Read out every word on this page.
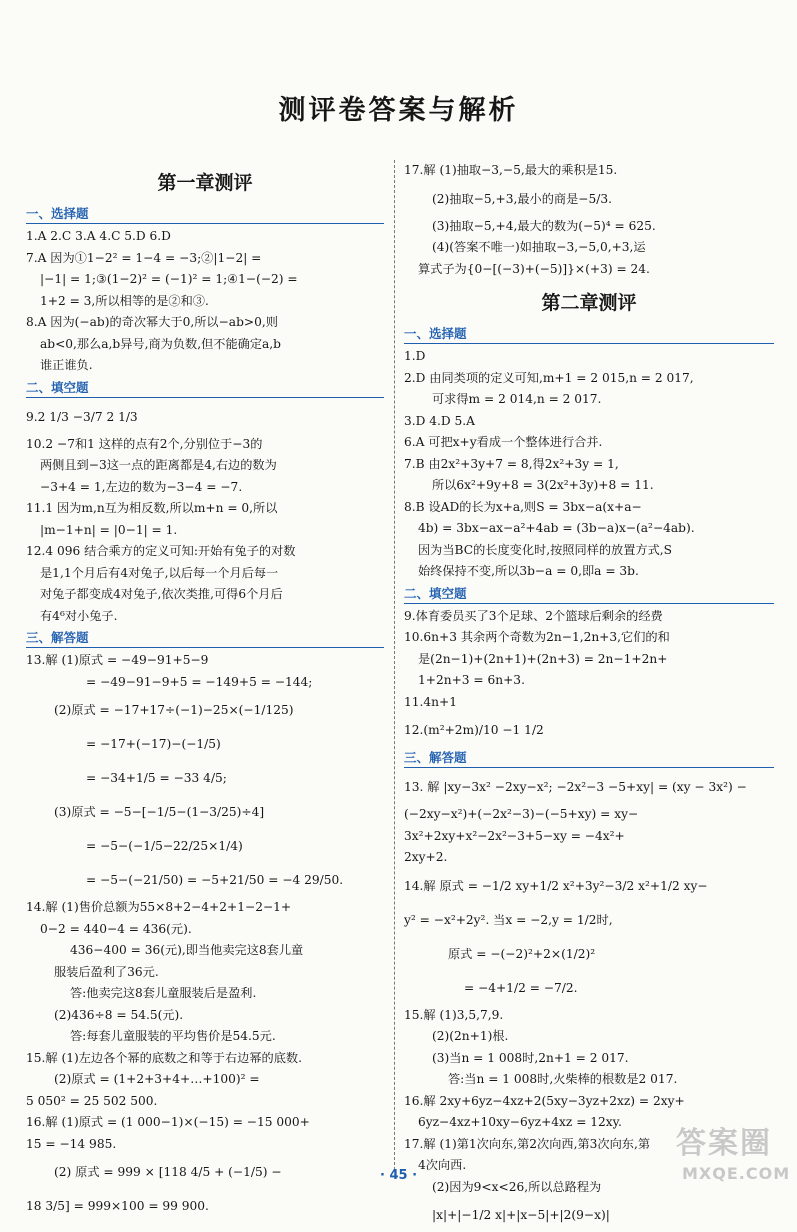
测评卷答案与解析
第一章测评
一、选择题

1.A 2.C 3.A 4.C 5.D 6.D

7.A 因为①1−2² = 1−4 = −3;②|1−2| =

|−1| = 1;③(1−2)² = (−1)² = 1;④1−(−2) =

1+2 = 3,所以相等的是②和③.

8.A 因为(−ab)的奇次幂大于0,所以−ab>0,则

ab<0,那么a,b异号,商为负数,但不能确定a,b

谁正谁负.

二、填空题

9.2 1/3 −3/7 2 1/3

10.2 −7和1 这样的点有2个,分别位于−3的

两侧且到−3这一点的距离都是4,右边的数为

−3+4 = 1,左边的数为−3−4 = −7.

11.1 因为m,n互为相反数,所以m+n = 0,所以

|m−1+n| = |0−1| = 1.

12.4 096 结合乘方的定义可知:开始有兔子的对数

是1,1个月后有4对兔子,以后每一个月后每一

对兔子都变成4对兔子,依次类推,可得6个月后

有4⁶对小兔子.

三、解答题

13.解 (1)原式 = −49−91+5−9

= −49−91−9+5 = −149+5 = −144;

(2)原式 = −17+17÷(−1)−25×(−1/125)

= −17+(−17)−(−1/5)

= −34+1/5 = −33 4/5;

(3)原式 = −5−[−1/5−(1−3/25)÷4]

= −5−(−1/5−22/25×1/4)

= −5−(−21/50) = −5+21/50 = −4 29/50.

14.解 (1)售价总额为55×8+2−4+2+1−2−1+

0−2 = 440−4 = 436(元).

436−400 = 36(元),即当他卖完这8套儿童

服装后盈利了36元.

答:他卖完这8套儿童服装后是盈利.

(2)436÷8 = 54.5(元).

答:每套儿童服装的平均售价是54.5元.

15.解 (1)左边各个幂的底数之和等于右边幂的底数.

(2)原式 = (1+2+3+4+…+100)² =

5 050² = 25 502 500.

16.解 (1)原式 = (1 000−1)×(−15) = −15 000+

15 = −14 985.

(2) 原式 = 999 × [118 4/5 + (−1/5) −

18 3/5] = 999×100 = 99 900.

17.解 (1)抽取−3,−5,最大的乘积是15.

(2)抽取−5,+3,最小的商是−5/3.

(3)抽取−5,+4,最大的数为(−5)⁴ = 625.

(4)(答案不唯一)如抽取−3,−5,0,+3,运

算式子为{0−[(−3)+(−5)]}×(+3) = 24.

第二章测评
一、选择题

1.D

2.D 由同类项的定义可知,m+1 = 2 015,n = 2 017,

可求得m = 2 014,n = 2 017.

3.D 4.D 5.A

6.A 可把x+y看成一个整体进行合并.

7.B 由2x²+3y+7 = 8,得2x²+3y = 1,

所以6x²+9y+8 = 3(2x²+3y)+8 = 11.

8.B 设AD的长为x+a,则S = 3bx−a(x+a−

4b) = 3bx−ax−a²+4ab = (3b−a)x−(a²−4ab).

因为当BC的长度变化时,按照同样的放置方式,S

始终保持不变,所以3b−a = 0,即a = 3b.

二、填空题

9.体育委员买了3个足球、2个篮球后剩余的经费

10.6n+3 其余两个奇数为2n−1,2n+3,它们的和

是(2n−1)+(2n+1)+(2n+3) = 2n−1+2n+

1+2n+3 = 6n+3.

11.4n+1

12.(m²+2m)/10 −1 1/2

三、解答题

13. 解 |xy−3x² −2xy−x²; −2x²−3 −5+xy| = (xy − 3x²) −

(−2xy−x²)+(−2x²−3)−(−5+xy) = xy−

3x²+2xy+x²−2x²−3+5−xy = −4x²+

2xy+2.

14.解 原式 = −1/2 xy+1/2 x²+3y²−3/2 x²+1/2 xy−

y² = −x²+2y². 当x = −2,y = 1/2时,

原式 = −(−2)²+2×(1/2)²

= −4+1/2 = −7/2.

15.解 (1)3,5,7,9.

(2)(2n+1)根.

(3)当n = 1 008时,2n+1 = 2 017.

答:当n = 1 008时,火柴棒的根数是2 017.

16.解 2xy+6yz−4xz+2(5xy−3yz+2xz) = 2xy+

6yz−4xz+10xy−6yz+4xz = 12xy.

17.解 (1)第1次向东,第2次向西,第3次向东,第

4次向西.

(2)因为9<x<26,所以总路程为

|x|+|−1/2 x|+|x−5|+|2(9−x)|

· 45 ·
答案圈
MXQE.COM
